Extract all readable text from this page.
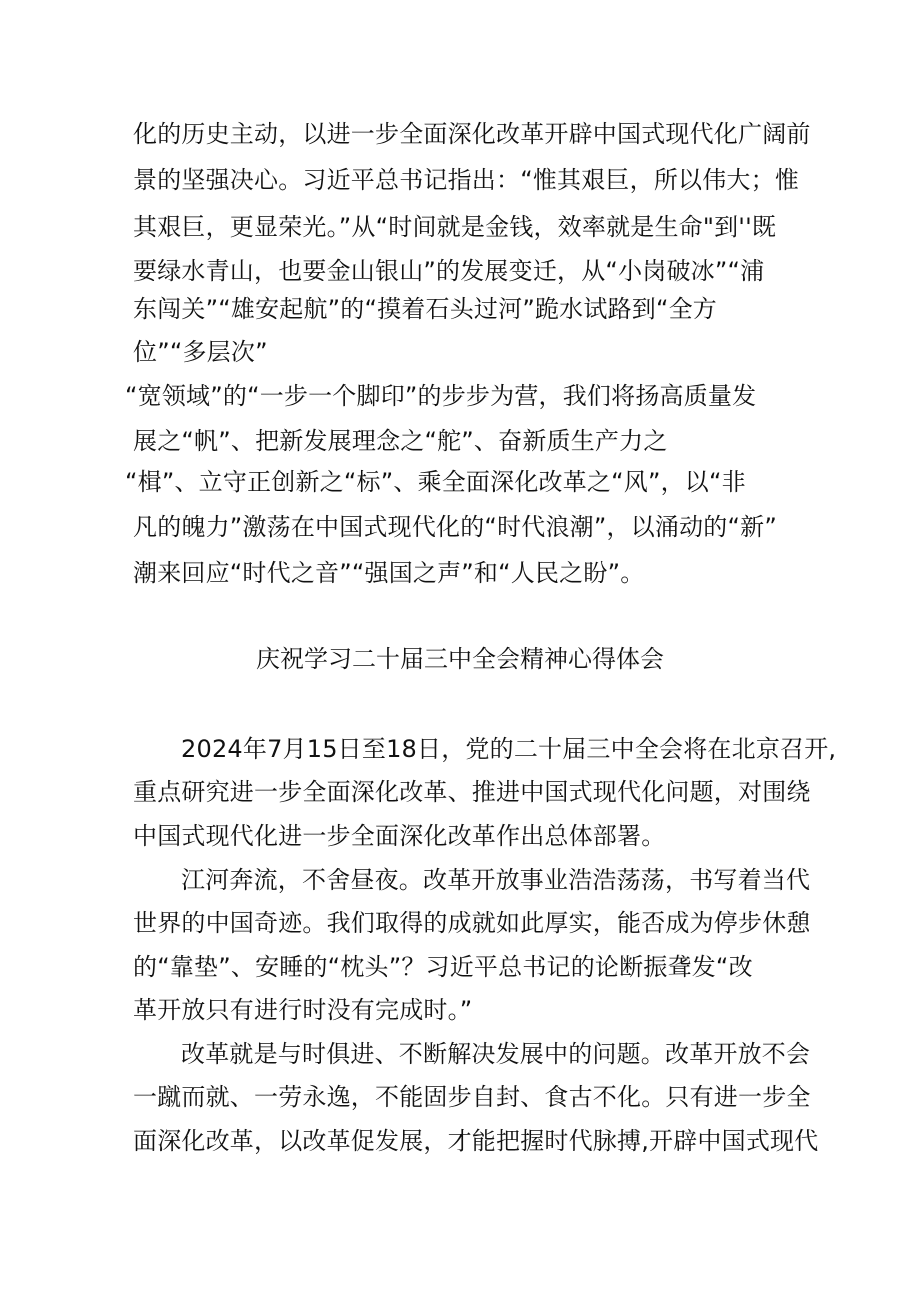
化的历史主动，以进一步全面深化改革开辟中国式现代化广阔前
景的坚强决心。习近平总书记指出：“惟其艰巨，所以伟大；惟
其艰巨，更显荣光。”从“时间就是金钱，效率就是生命"到''既
要绿水青山，也要金山银山”的发展变迁，从“小岗破冰”“浦
东闯关”“雄安起航”的“摸着石头过河”跪水试路到“全方
位”“多层次”
“宽领域”的“一步一个脚印”的步步为营，我们将扬高质量发
展之“帆”、把新发展理念之“舵”、奋新质生产力之
“楫”、立守正创新之“标”、乘全面深化改革之“风”，以“非
凡的魄力”激荡在中国式现代化的“时代浪潮”，以涌动的“新”
潮来回应“时代之音”“强国之声”和“人民之盼”。
庆祝学习二十届三中全会精神心得体会
2024年7月15日至18日，党的二十届三中全会将在北京召开,
重点研究进一步全面深化改革、推进中国式现代化问题，对围绕
中国式现代化进一步全面深化改革作出总体部署。
江河奔流，不舍昼夜。改革开放事业浩浩荡荡，书写着当代
世界的中国奇迹。我们取得的成就如此厚实，能否成为停步休憩
的“靠垫”、安睡的“枕头”？习近平总书记的论断振聋发“改
革开放只有进行时没有完成时。”
改革就是与时俱进、不断解决发展中的问题。改革开放不会
一蹴而就、一劳永逸，不能固步自封、食古不化。只有进一步全
面深化改革，以改革促发展，才能把握时代脉搏,开辟中国式现代
